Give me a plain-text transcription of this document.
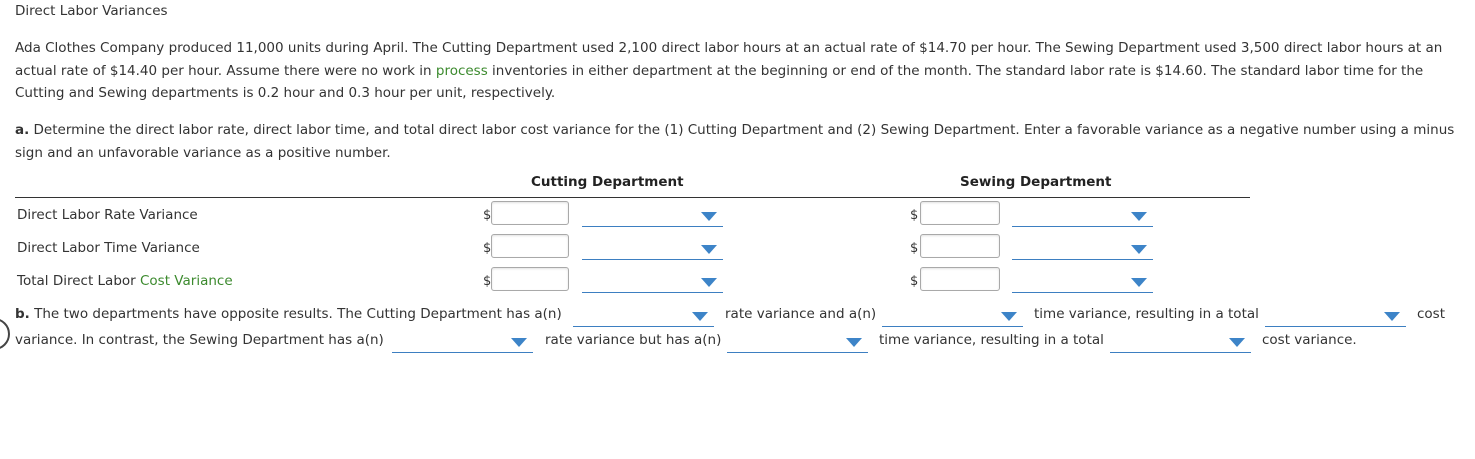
Direct Labor Variances
Ada Clothes Company produced 11,000 units during April. The Cutting Department used 2,100 direct labor hours at an actual rate of $14.70 per hour. The Sewing Department used 3,500 direct labor hours at an
actual rate of $14.40 per hour. Assume there were no work in process inventories in either department at the beginning or end of the month. The standard labor rate is $14.60. The standard labor time for the
Cutting and Sewing departments is 0.2 hour and 0.3 hour per unit, respectively.
a. Determine the direct labor rate, direct labor time, and total direct labor cost variance for the (1) Cutting Department and (2) Sewing Department. Enter a favorable variance as a negative number using a minus sign and an unfavorable variance as a positive number.
Cutting Department	Sewing Department
Direct Labor Rate Variance	$	$
Direct Labor Time Variance	$	$
Total Direct Labor Cost Variance	$	$
b. The two departments have opposite results. The Cutting Department has a(n)	rate variance and a(n)	time variance, resulting in a total	cost
variance. In contrast, the Sewing Department has a(n)	rate variance but has a(n)	time variance, resulting in a total	cost variance.
